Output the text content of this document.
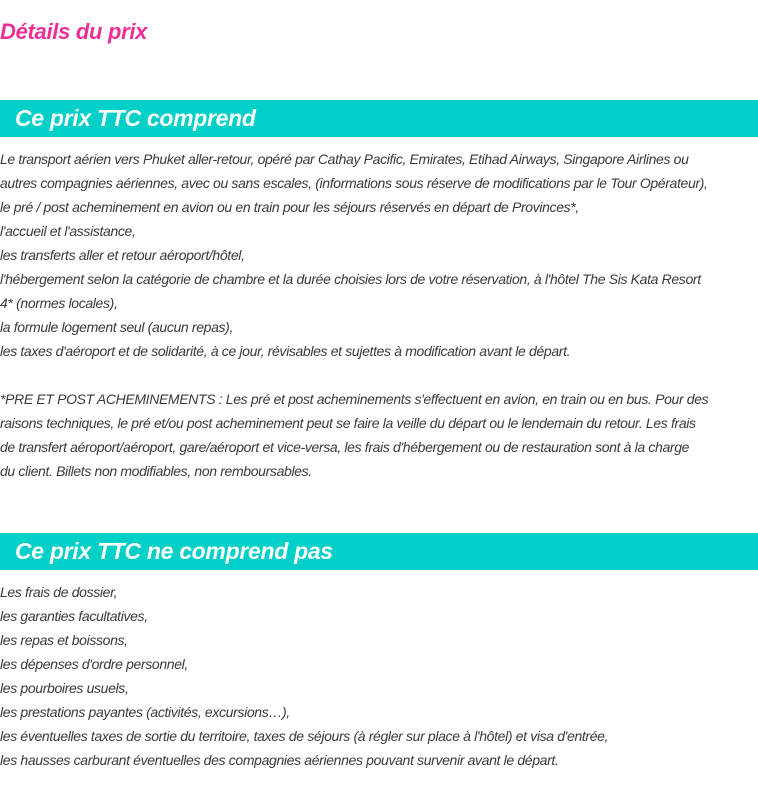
Détails du prix
Ce prix TTC comprend

Le transport aérien vers Phuket aller-retour, opéré par Cathay Pacific, Emirates, Etihad Airways, Singapore Airlines ou
autres compagnies aériennes, avec ou sans escales, (informations sous réserve de modifications par le Tour Opérateur),
le pré / post acheminement en avion ou en train pour les séjours réservés en départ de Provinces*,
l'accueil et l'assistance,
les transferts aller et retour aéroport/hôtel,
l'hébergement selon la catégorie de chambre et la durée choisies lors de votre réservation, à l'hôtel The Sis Kata Resort
4* (normes locales),
la formule logement seul (aucun repas),
les taxes d'aéroport et de solidarité, à ce jour, révisables et sujettes à modification avant le départ.

*PRE ET POST ACHEMINEMENTS : Les pré et post acheminements s'effectuent en avion, en train ou en bus. Pour des
raisons techniques, le pré et/ou post acheminement peut se faire la veille du départ ou le lendemain du retour. Les frais
de transfert aéroport/aéroport, gare/aéroport et vice-versa, les frais d'hébergement ou de restauration sont à la charge
du client. Billets non modifiables, non remboursables.

Ce prix TTC ne comprend pas

Les frais de dossier,
les garanties facultatives,
les repas et boissons,
les dépenses d'ordre personnel,
les pourboires usuels,
les prestations payantes (activités, excursions…),
les éventuelles taxes de sortie du territoire, taxes de séjours (à régler sur place à l'hôtel) et visa d'entrée,
les hausses carburant éventuelles des compagnies aériennes pouvant survenir avant le départ.
